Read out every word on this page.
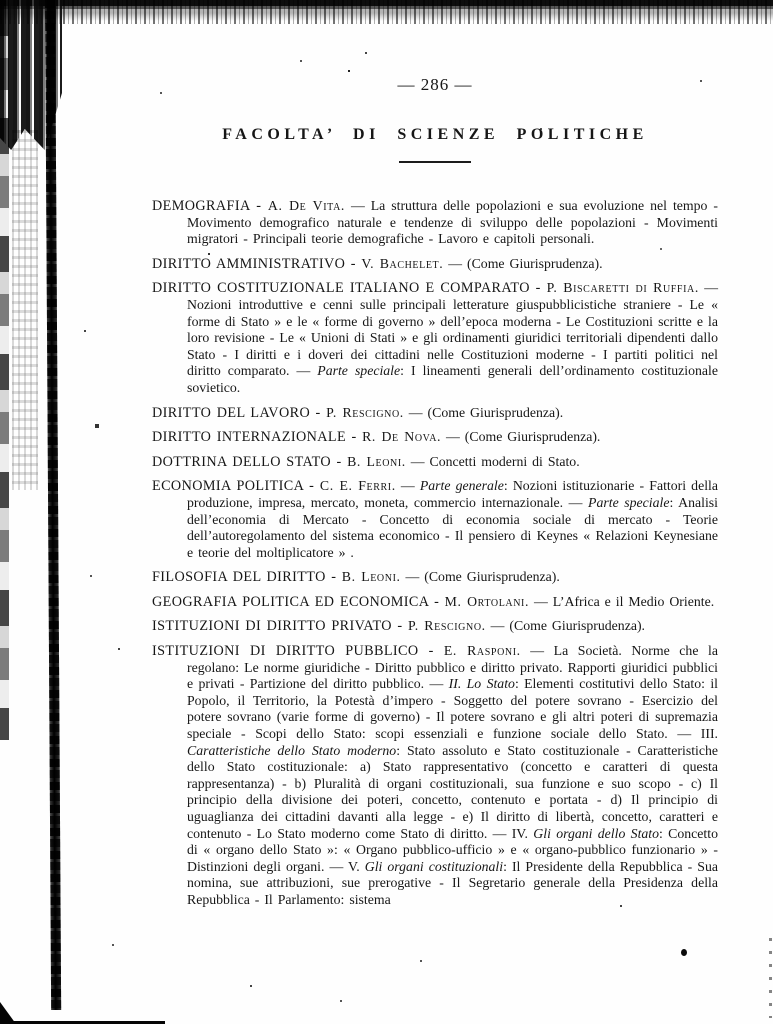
— 286 —
FACOLTA’ DI SCIENZE POLITICHE

DEMOGRAFIA - A. De Vita. — La struttura delle popolazioni e sua evoluzione nel tempo - Movimento demografico naturale e tendenze di sviluppo delle popolazioni - Movimenti migratori - Principali teorie demografiche - Lavoro e capitoli personali.

DIRITTO AMMINISTRATIVO - V. Bachelet. — (Come Giurisprudenza).

DIRITTO COSTITUZIONALE ITALIANO E COMPARATO - P. Biscaretti di Ruffia. — Nozioni introduttive e cenni sulle principali letterature giuspubblicistiche straniere - Le « forme di Stato » e le « forme di governo » dell’epoca moderna - Le Costituzioni scritte e la loro revisione - Le « Unioni di Stati » e gli ordinamenti giuridici territoriali dipendenti dallo Stato - I diritti e i doveri dei cittadini nelle Costituzioni moderne - I partiti politici nel diritto comparato. — Parte speciale: I lineamenti generali dell’ordinamento costituzionale sovietico.

DIRITTO DEL LAVORO - P. Rescigno. — (Come Giurisprudenza).

DIRITTO INTERNAZIONALE - R. De Nova. — (Come Giurisprudenza).

DOTTRINA DELLO STATO - B. Leoni. — Concetti moderni di Stato.

ECONOMIA POLITICA - C. E. Ferri. — Parte generale: Nozioni istituzionarie - Fattori della produzione, impresa, mercato, moneta, commercio internazionale. — Parte speciale: Analisi dell’economia di Mercato - Concetto di economia sociale di mercato - Teorie dell’autoregolamento del sistema economico - Il pensiero di Keynes « Relazioni Keynesiane e teorie del moltiplicatore » .

FILOSOFIA DEL DIRITTO - B. Leoni. — (Come Giurisprudenza).

GEOGRAFIA POLITICA ED ECONOMICA - M. Ortolani. — L’Africa e il Medio Oriente.

ISTITUZIONI DI DIRITTO PRIVATO - P. Rescigno. — (Come Giurisprudenza).

ISTITUZIONI DI DIRITTO PUBBLICO - E. Rasponi. — La Società. Norme che la regolano: Le norme giuridiche - Diritto pubblico e diritto privato. Rapporti giuridici pubblici e privati - Partizione del diritto pubblico. — II. Lo Stato: Elementi costitutivi dello Stato: il Popolo, il Territorio, la Potestà d’impero - Soggetto del potere sovrano - Esercizio del potere sovrano (varie forme di governo) - Il potere sovrano e gli altri poteri di supremazia speciale - Scopi dello Stato: scopi essenziali e funzione sociale dello Stato. — III. Caratteristiche dello Stato moderno: Stato assoluto e Stato costituzionale - Caratteristiche dello Stato costituzionale: a) Stato rappresentativo (concetto e caratteri di questa rappresentanza) - b) Pluralità di organi costituzionali, sua funzione e suo scopo - c) Il principio della divisione dei poteri, concetto, contenuto e portata - d) Il principio di uguaglianza dei cittadini davanti alla legge - e) Il diritto di libertà, concetto, caratteri e contenuto - Lo Stato moderno come Stato di diritto. — IV. Gli organi dello Stato: Concetto di « organo dello Stato »: « Organo pubblico-ufficio » e « organo-pubblico funzionario » - Distinzioni degli organi. — V. Gli organi costituzionali: Il Presidente della Repubblica - Sua nomina, sue attribuzioni, sue prerogative - Il Segretario generale della Presidenza della Repubblica - Il Parlamento: sistema
